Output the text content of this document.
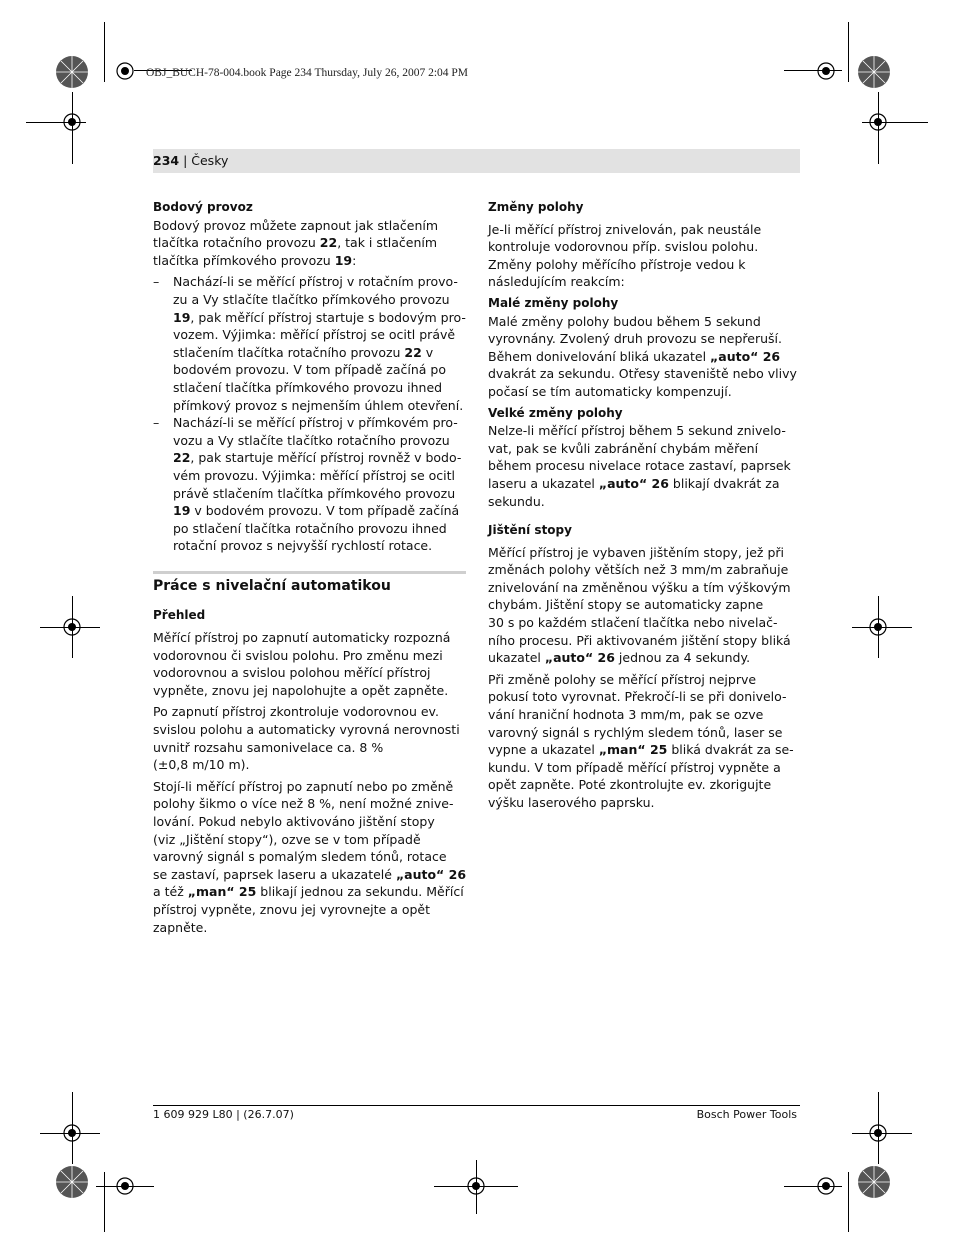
OBJ_BUCH-78-004.book Page 234 Thursday, July 26, 2007 2:04 PM
234 | Česky
Bodový provoz
Bodový provoz můžete zapnout jak stlačením
tlačítka rotačního provozu 22, tak i stlačením
tlačítka přímkového provozu 19:
– Nachází-li se měřící přístroj v rotačním provo-
zu a Vy stlačíte tlačítko přímkového provozu
19, pak měřící přístroj startuje s bodovým pro-
vozem. Výjimka: měřící přístroj se ocitl právě
stlačením tlačítka rotačního provozu 22 v
bodovém provozu. V tom případě začíná po
stlačení tlačítka přímkového provozu ihned
přímkový provoz s nejmenším úhlem otevření.
– Nachází-li se měřící přístroj v přímkovém pro-
vozu a Vy stlačíte tlačítko rotačního provozu
22, pak startuje měřící přístroj rovněž v bodo-
vém provozu. Výjimka: měřící přístroj se ocitl
právě stlačením tlačítka přímkového provozu
19 v bodovém provozu. V tom případě začíná
po stlačení tlačítka rotačního provozu ihned
rotační provoz s nejvyšší rychlostí rotace.
Práce s nivelační automatikou
Přehled
Měřící přístroj po zapnutí automaticky rozpozná
vodorovnou či svislou polohu. Pro změnu mezi
vodorovnou a svislou polohou měřící přístroj
vypněte, znovu jej napolohujte a opět zapněte.
Po zapnutí přístroj zkontroluje vodorovnou ev.
svislou polohu a automaticky vyrovná nerovnosti
uvnitř rozsahu samonivelace ca. 8 %
(±0,8 m/10 m).
Stojí-li měřící přístroj po zapnutí nebo po změně
polohy šikmo o více než 8 %, není možné znive-
lování. Pokud nebylo aktivováno jištění stopy
(viz „Jištění stopy“), ozve se v tom případě
varovný signál s pomalým sledem tónů, rotace
se zastaví, paprsek laseru a ukazatelé „auto“ 26
a též „man“ 25 blikají jednou za sekundu. Měřící
přístroj vypněte, znovu jej vyrovnejte a opět
zapněte.
Změny polohy
Je-li měřící přístroj znivelován, pak neustále
kontroluje vodorovnou příp. svislou polohu.
Změny polohy měřícího přístroje vedou k
následujícím reakcím:
Malé změny polohy
Malé změny polohy budou během 5 sekund
vyrovnány. Zvolený druh provozu se nepřeruší.
Během donivelování bliká ukazatel „auto“ 26
dvakrát za sekundu. Otřesy staveniště nebo vlivy
počasí se tím automaticky kompenzují.
Velké změny polohy
Nelze-li měřící přístroj během 5 sekund znivelo-
vat, pak se kvůli zabránění chybám měření
během procesu nivelace rotace zastaví, paprsek
laseru a ukazatel „auto“ 26 blikají dvakrát za
sekundu.
Jištění stopy
Měřící přístroj je vybaven jištěním stopy, jež při
změnách polohy větších než 3 mm/m zabraňuje
znivelování na změněnou výšku a tím výškovým
chybám. Jištění stopy se automaticky zapne
30 s po každém stlačení tlačítka nebo nivelač-
ního procesu. Při aktivovaném jištění stopy bliká
ukazatel „auto“ 26 jednou za 4 sekundy.
Při změně polohy se měřící přístroj nejprve
pokusí toto vyrovnat. Překročí-li se při donivelo-
vání hraniční hodnota 3 mm/m, pak se ozve
varovný signál s rychlým sledem tónů, laser se
vypne a ukazatel „man“ 25 bliká dvakrát za se-
kundu. V tom případě měřící přístroj vypněte a
opět zapněte. Poté zkontrolujte ev. zkorigujte
výšku laserového paprsku.
1 609 929 L80 | (26.7.07)	Bosch Power Tools
